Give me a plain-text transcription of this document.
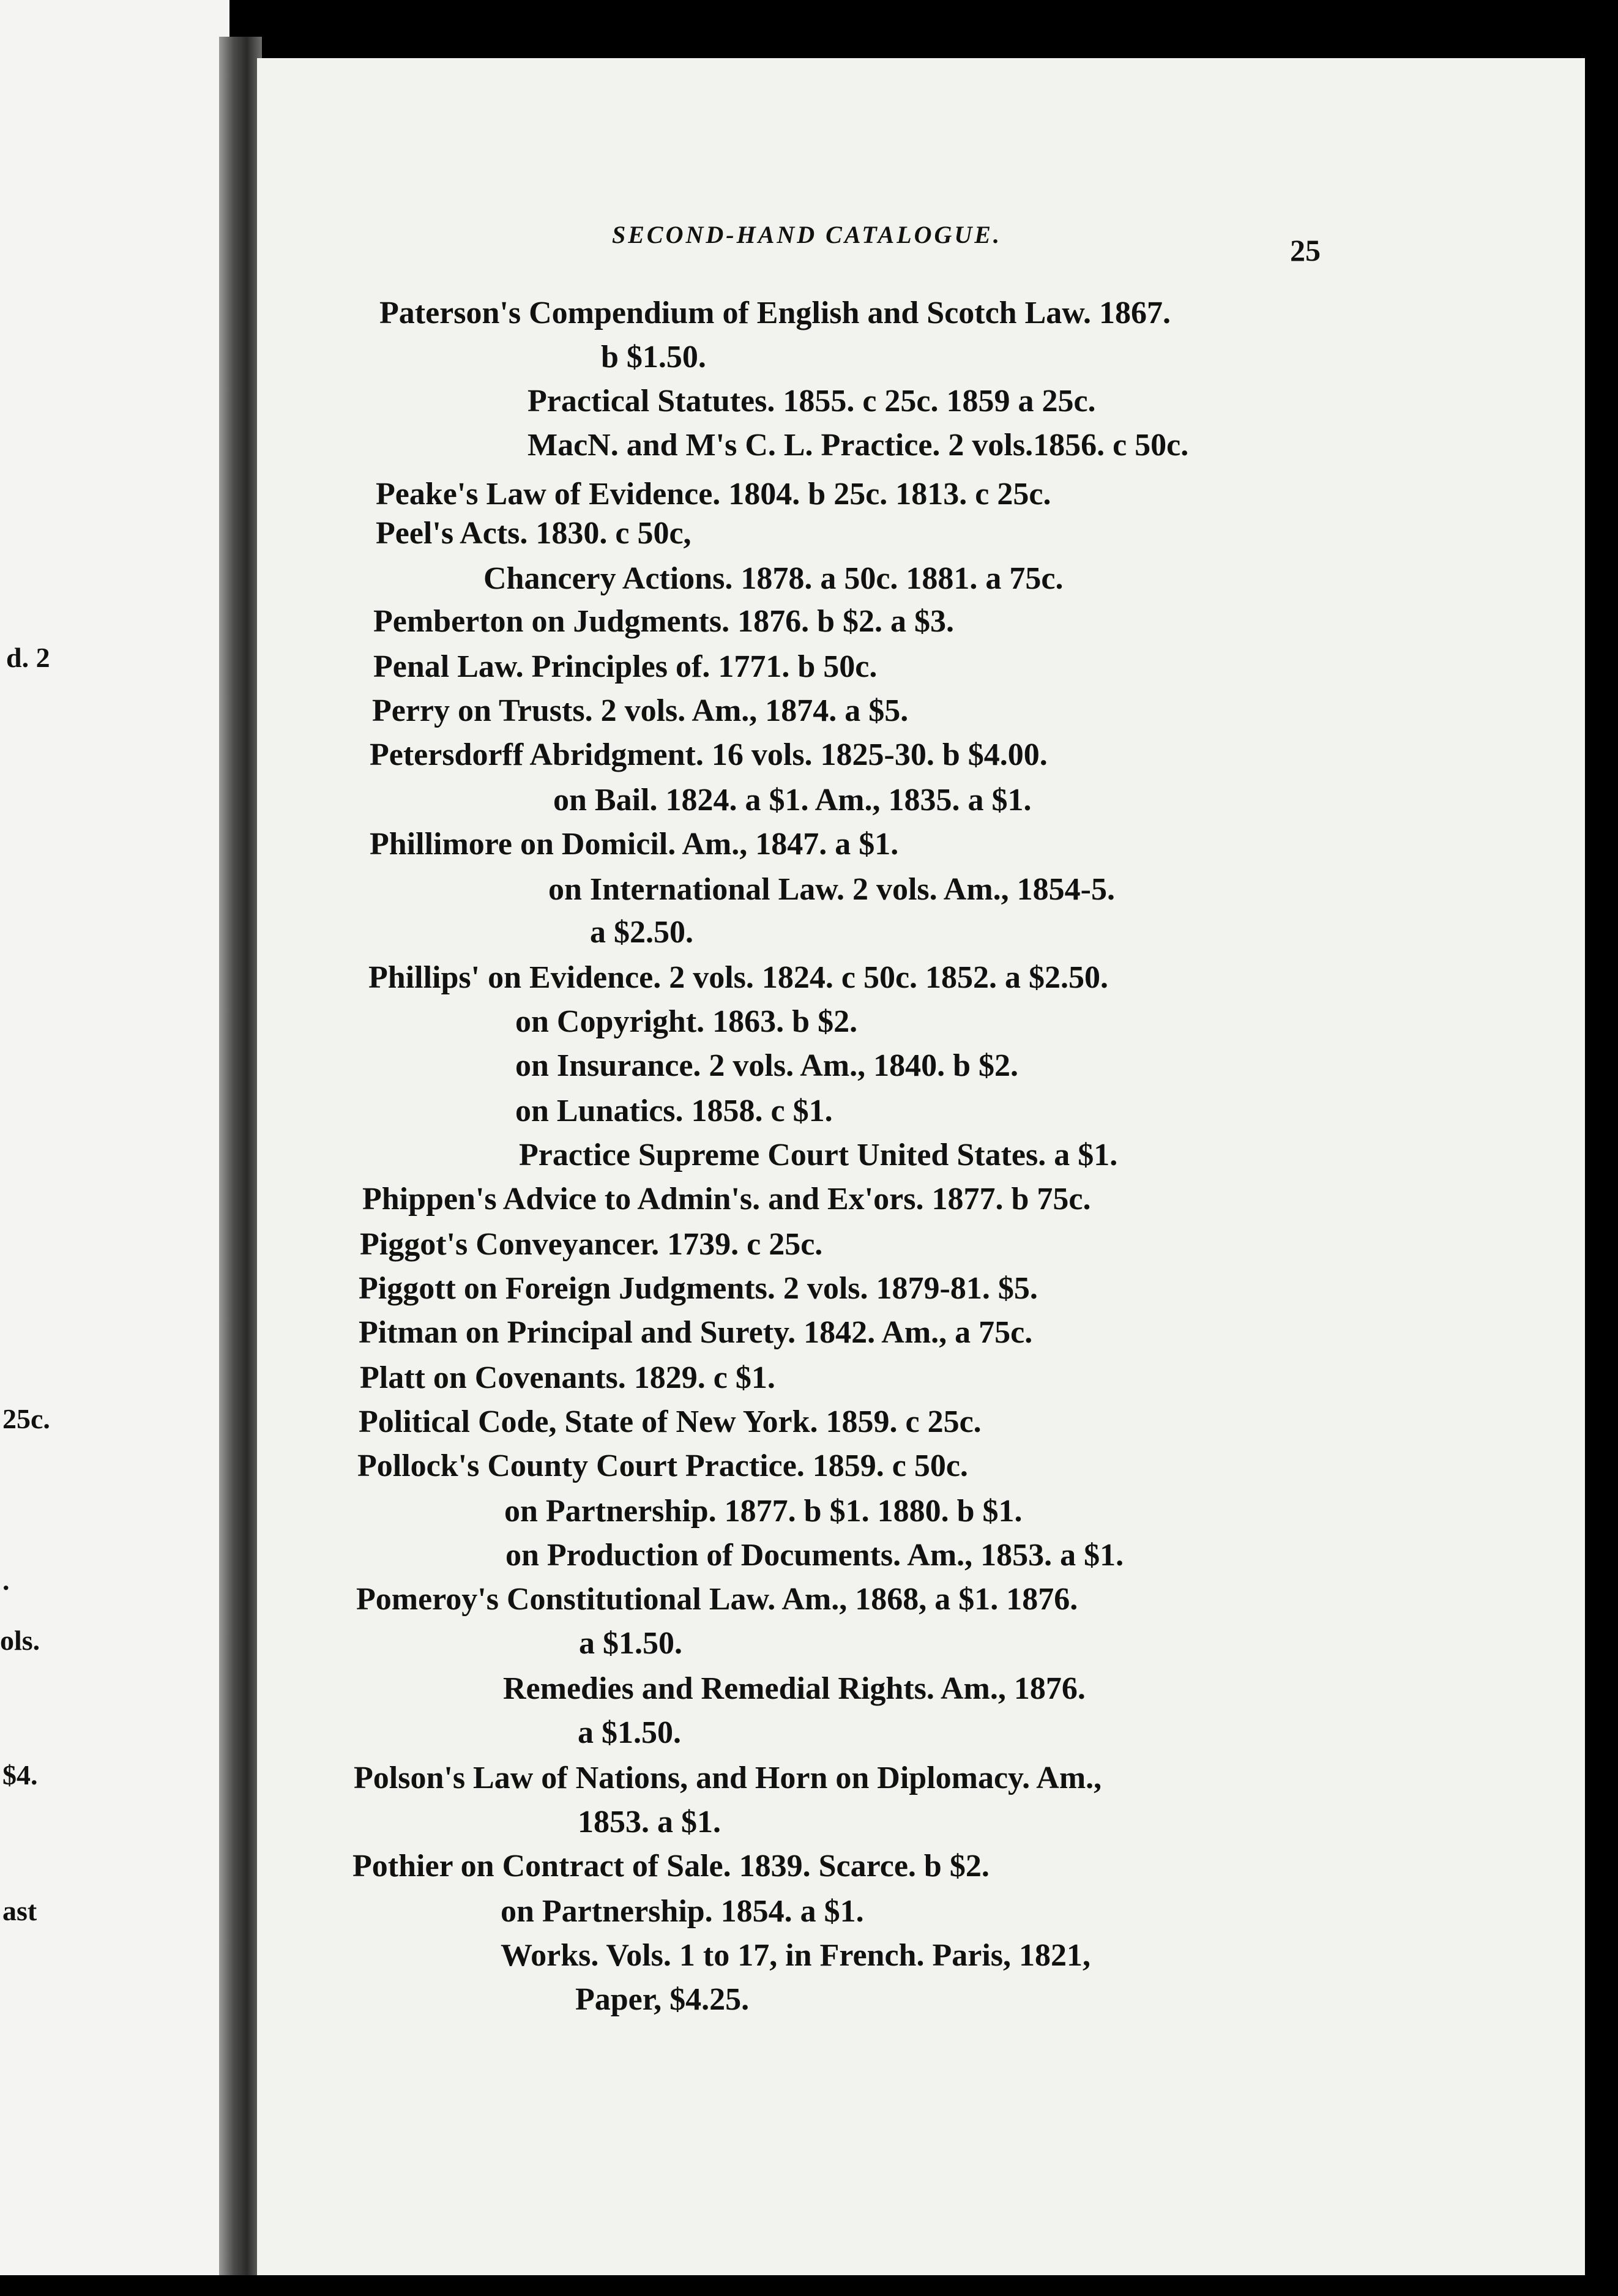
d. 2
25c.
.
ols.
$4.
ast
SECOND-HAND CATALOGUE.	25
Paterson's Compendium of English and Scotch Law. 1867.
b $1.50.
Practical Statutes. 1855. c 25c. 1859 a 25c.
MacN. and M's C. L. Practice. 2 vols.1856. c 50c.
Peake's Law of Evidence. 1804. b 25c. 1813. c 25c.
Peel's Acts. 1830. c 50c,
Chancery Actions. 1878. a 50c. 1881. a 75c.
Pemberton on Judgments. 1876. b $2. a $3.
Penal Law. Principles of. 1771. b 50c.
Perry on Trusts. 2 vols. Am., 1874. a $5.
Petersdorff Abridgment. 16 vols. 1825-30. b $4.00.
on Bail. 1824. a $1. Am., 1835. a $1.
Phillimore on Domicil. Am., 1847. a $1.
on International Law. 2 vols. Am., 1854-5.
a $2.50.
Phillips' on Evidence. 2 vols. 1824. c 50c. 1852. a $2.50.
on Copyright. 1863. b $2.
on Insurance. 2 vols. Am., 1840. b $2.
on Lunatics. 1858. c $1.
Practice Supreme Court United States. a $1.
Phippen's Advice to Admin's. and Ex'ors. 1877. b 75c.
Piggot's Conveyancer. 1739. c 25c.
Piggott on Foreign Judgments. 2 vols. 1879-81. $5.
Pitman on Principal and Surety. 1842. Am., a 75c.
Platt on Covenants. 1829. c $1.
Political Code, State of New York. 1859. c 25c.
Pollock's County Court Practice. 1859. c 50c.
on Partnership. 1877. b $1. 1880. b $1.
on Production of Documents. Am., 1853. a $1.
Pomeroy's Constitutional Law. Am., 1868, a $1. 1876.
a $1.50.
Remedies and Remedial Rights. Am., 1876.
a $1.50.
Polson's Law of Nations, and Horn on Diplomacy. Am.,
1853. a $1.
Pothier on Contract of Sale. 1839. Scarce. b $2.
on Partnership. 1854. a $1.
Works. Vols. 1 to 17, in French. Paris, 1821,
Paper, $4.25.
